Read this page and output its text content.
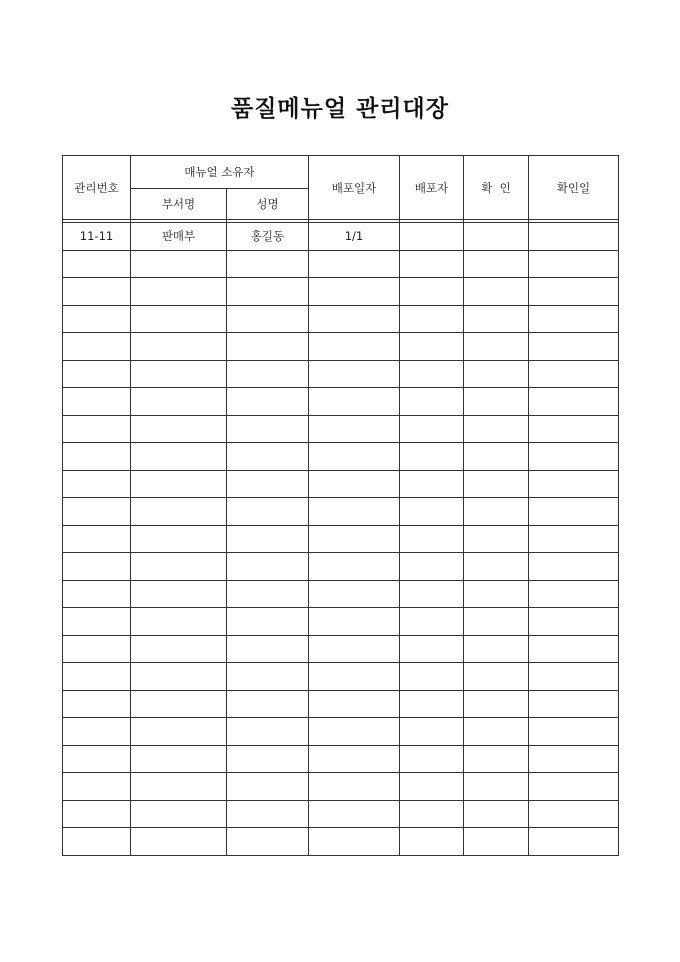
품질메뉴얼 관리대장
관리번호	매뉴얼 소유자		배포일자	배포자	확  인	확인일
	부서명	성명				

11-11	판매부	홍길동	1/1			
